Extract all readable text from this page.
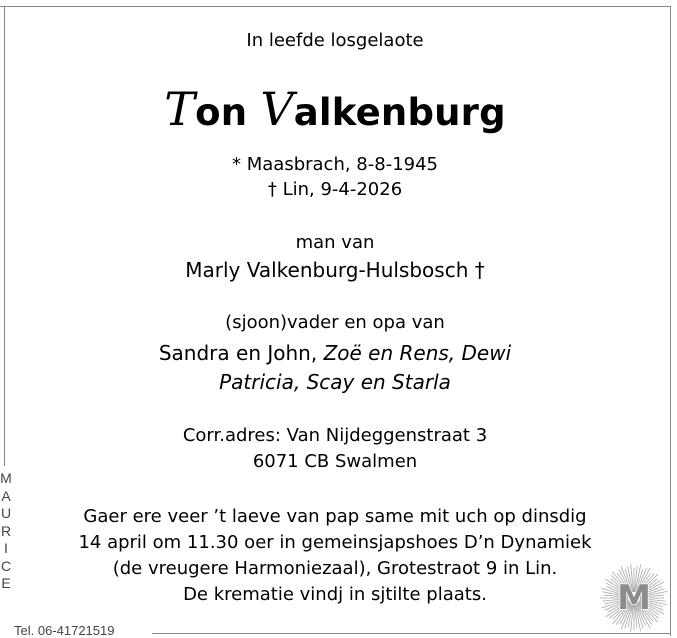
In leefde losgelaote
Ton Valkenburg
* Maasbrach, 8-8-1945
† Lin, 9-4-2026
man van
Marly Valkenburg-Hulsbosch †
(sjoon)vader en opa van
Sandra en John, Zoë en Rens, Dewi
Patricia, Scay en Starla
Corr.adres: Van Nijdeggenstraat 3
6071 CB Swalmen
Gaer ere veer ’t laeve van pap same mit uch op dinsdig
14 april om 11.30 oer in gemeinsjapshoes D’n Dynamiek
(de vreugere Harmoniezaal), Grotestraot 9 in Lin.
De krematie vindj in sjtilte plaats.
M
A
U
R
I
C
E
Tel. 06-41721519
M
